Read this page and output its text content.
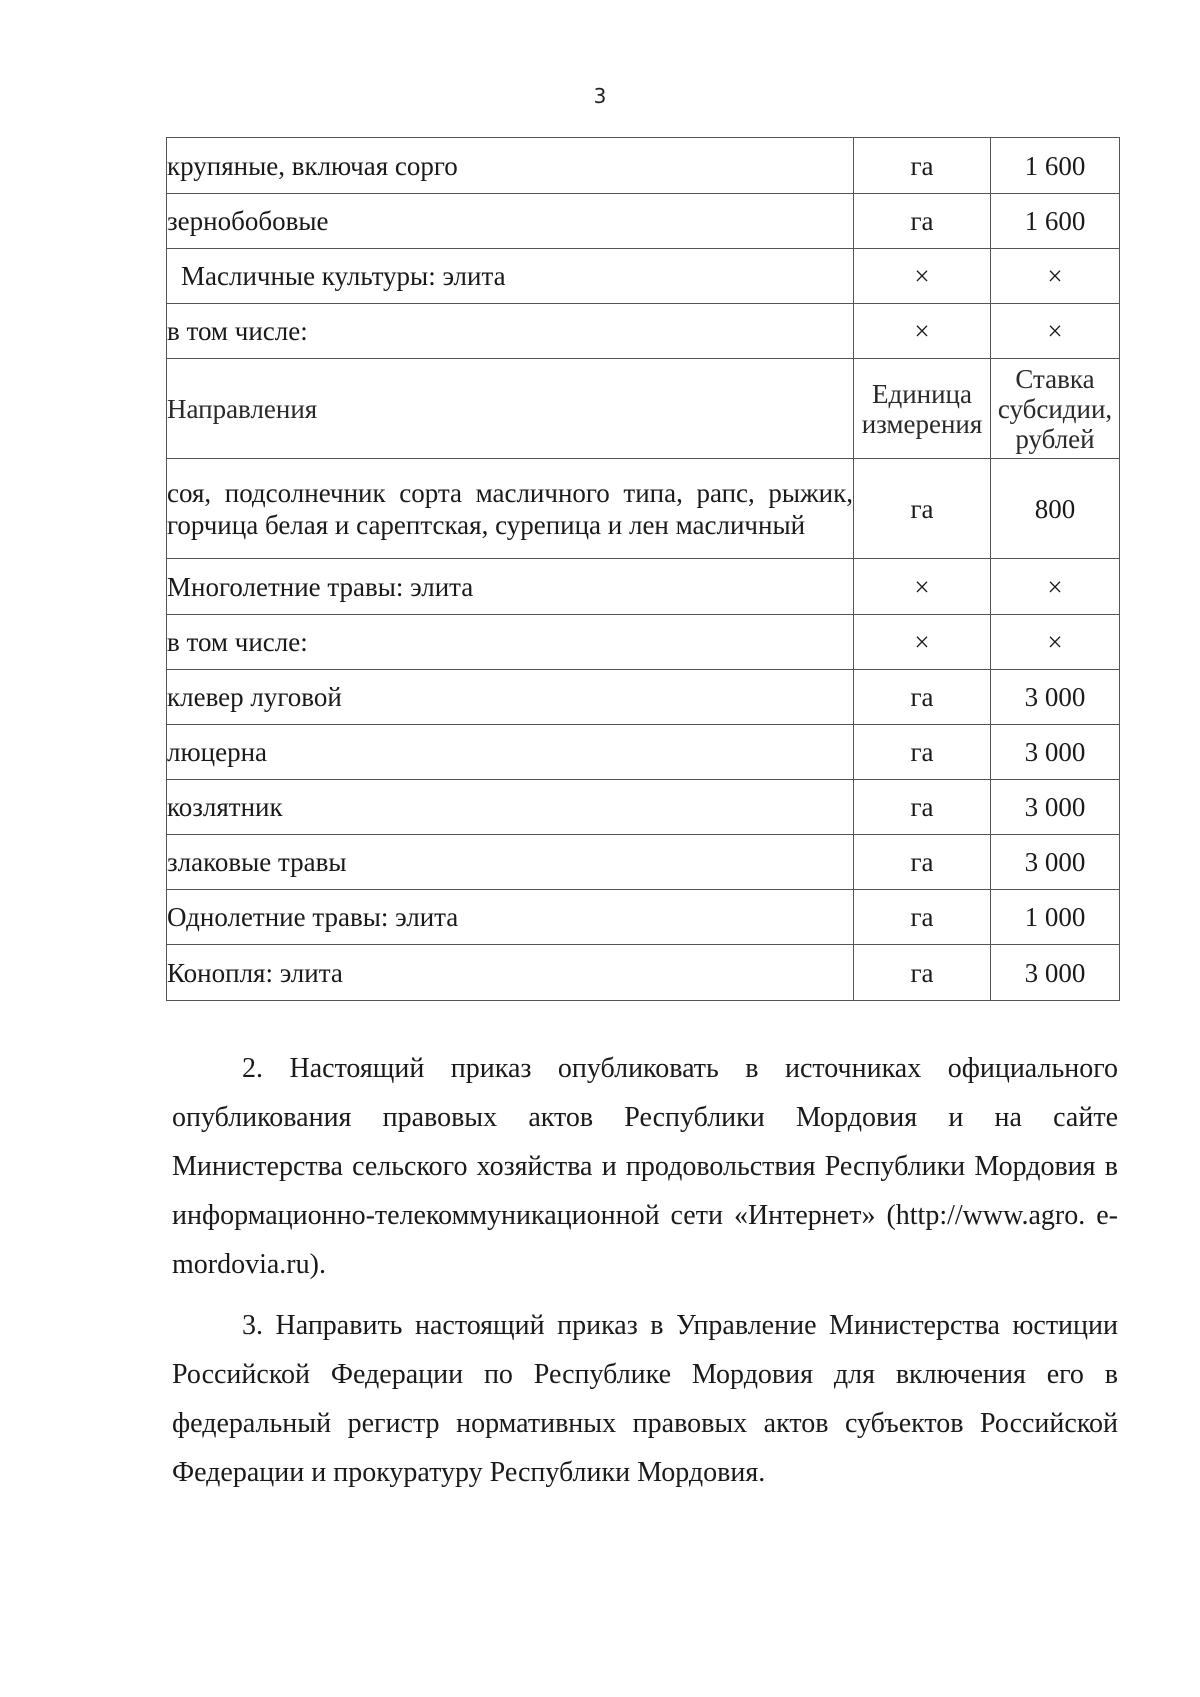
3
крупяные, включая сорго	га	1 600
зернобобовые	га	1 600
Масличные культуры: элита	×	×
в том числе:	×	×
Направления	Единица измерения	Ставка субсидии, рублей
соя, подсолнечник сорта масличного типа, рапс, рыжик, горчица белая и сарептская, сурепица и лен масличный	га	800
Многолетние травы: элита	×	×
в том числе:	×	×
клевер луговой	га	3 000
люцерна	га	3 000
козлятник	га	3 000
злаковые травы	га	3 000
Однолетние травы: элита	га	1 000
Конопля: элита	га	3 000

2. Настоящий приказ опубликовать в источниках официального опубликования правовых актов Республики Мордовия и на сайте Министерства сельского хозяйства и продовольствия Республики Мордовия в информационно-телекоммуникационной сети «Интернет» (http://www.agro. e-mordovia.ru).

3. Направить настоящий приказ в Управление Министерства юстиции Российской Федерации по Республике Мордовия для включения его в федеральный регистр нормативных правовых актов субъектов Российской Федерации и прокуратуру Республики Мордовия.
